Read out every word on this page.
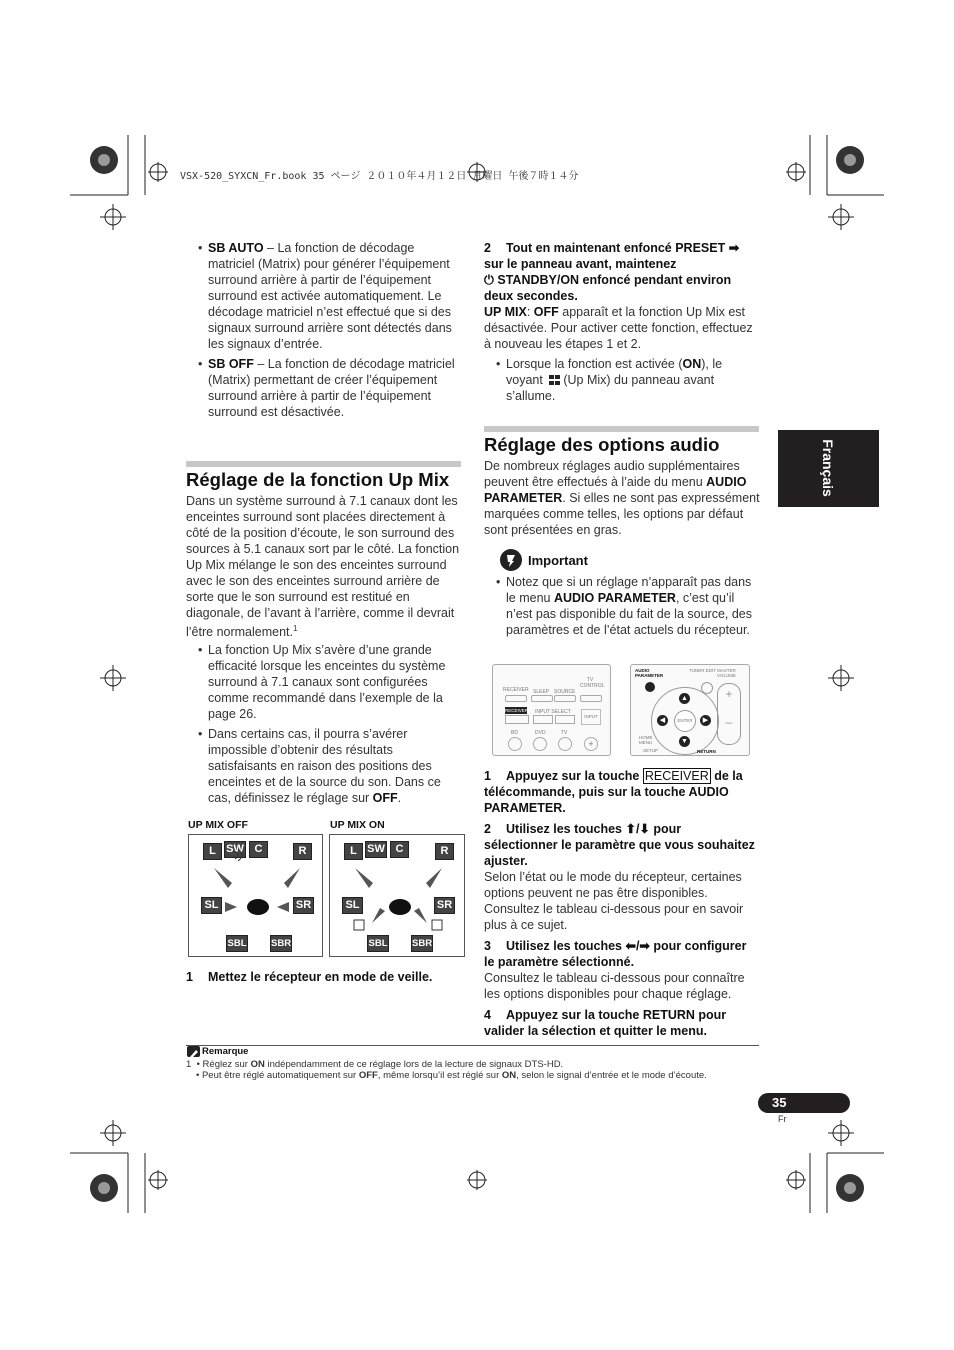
VSX-520_SYXCN_Fr.book 35 ページ ２０１０年４月１２日 月曜日 午後７時１４分
• SB AUTO – La fonction de décodage matriciel (Matrix) pour générer l’équipement surround arrière à partir de l’équipement surround est activée automatiquement. Le décodage matriciel n’est effectué que si des signaux surround arrière sont détectés dans les signaux d’entrée.
• SB OFF – La fonction de décodage matriciel (Matrix) permettant de créer l’équipement surround arrière à partir de l’équipement surround est désactivée.
Réglage de la fonction Up Mix
Dans un système surround à 7.1 canaux dont les enceintes surround sont placées directement à côté de la position d’écoute, le son surround des sources à 5.1 canaux sort par le côté. La fonction Up Mix mélange le son des enceintes surround avec le son des enceintes surround arrière de sorte que le son surround est restitué en diagonale, de l’avant à l’arrière, comme il devrait l’être normalement.$^1$
• La fonction Up Mix s’avère d’une grande efficacité lorsque les enceintes du système surround à 7.1 canaux sont configurées comme recommandé dans l’exemple de la page 26.
• Dans certains cas, il pourra s’avérer impossible d’obtenir des résultats satisfaisants en raison des positions des enceintes et de la source du son. Dans ce cas, définissez le réglage sur OFF.
UP MIX OFF	UP MIX ON
L SW C	R
SL	SR
SBL	SBR
L SW C	R
SL	SR
SBL	SBR
1 Mettez le récepteur en mode de veille.
2 Tout en maintenant enfoncé PRESET ➡ sur le panneau avant, maintenez
⏻ STANDBY/ON enfoncé pendant environ deux secondes.
UP MIX: OFF apparaît et la fonction Up Mix est désactivée. Pour activer cette fonction, effectuez à nouveau les étapes 1 et 2.
• Lorsque la fonction est activée (ON), le voyant (Up Mix) du panneau avant s’allume.
Réglage des options audio
De nombreux réglages audio supplémentaires peuvent être effectués à l’aide du menu AUDIO PARAMETER. Si elles ne sont pas expressément marquées comme telles, les options par défaut sont présentées en gras.
Important
• Notez que si un réglage n’apparaît pas dans le menu AUDIO PARAMETER, c’est qu’il n’est pas disponible du fait de la source, des paramètres et de l’état actuels du récepteur.
RECEIVER SLEEP SOURCE
TV CONTROL
RECEIVER INPUT SELECT
INPUT
BD	DVD	TV
+
AUDIO PARAMETER
TUNER EDIT MASTER VOLUME
ENTER
▲
▼
◀	▶
HOME MENU
SETUP	RETURN
+
–
1 Appuyez sur la touche RECEIVER de la télécommande, puis sur la touche AUDIO PARAMETER.
2 Utilisez les touches ⬆/⬇ pour sélectionner le paramètre que vous souhaitez ajuster.
Selon l’état ou le mode du récepteur, certaines options peuvent ne pas être disponibles. Consultez le tableau ci-dessous pour en savoir plus à ce sujet.
3 Utilisez les touches ⬅/➡ pour configurer le paramètre sélectionné.
Consultez le tableau ci-dessous pour connaître les options disponibles pour chaque réglage.
4 Appuyez sur la touche RETURN pour valider la sélection et quitter le menu.
Français
Remarque
1 • Réglez sur ON indépendamment de ce réglage lors de la lecture de signaux DTS-HD.
• Peut être réglé automatiquement sur OFF, même lorsqu’il est réglé sur ON, selon le signal d’entrée et le mode d’écoute.
35
Fr
